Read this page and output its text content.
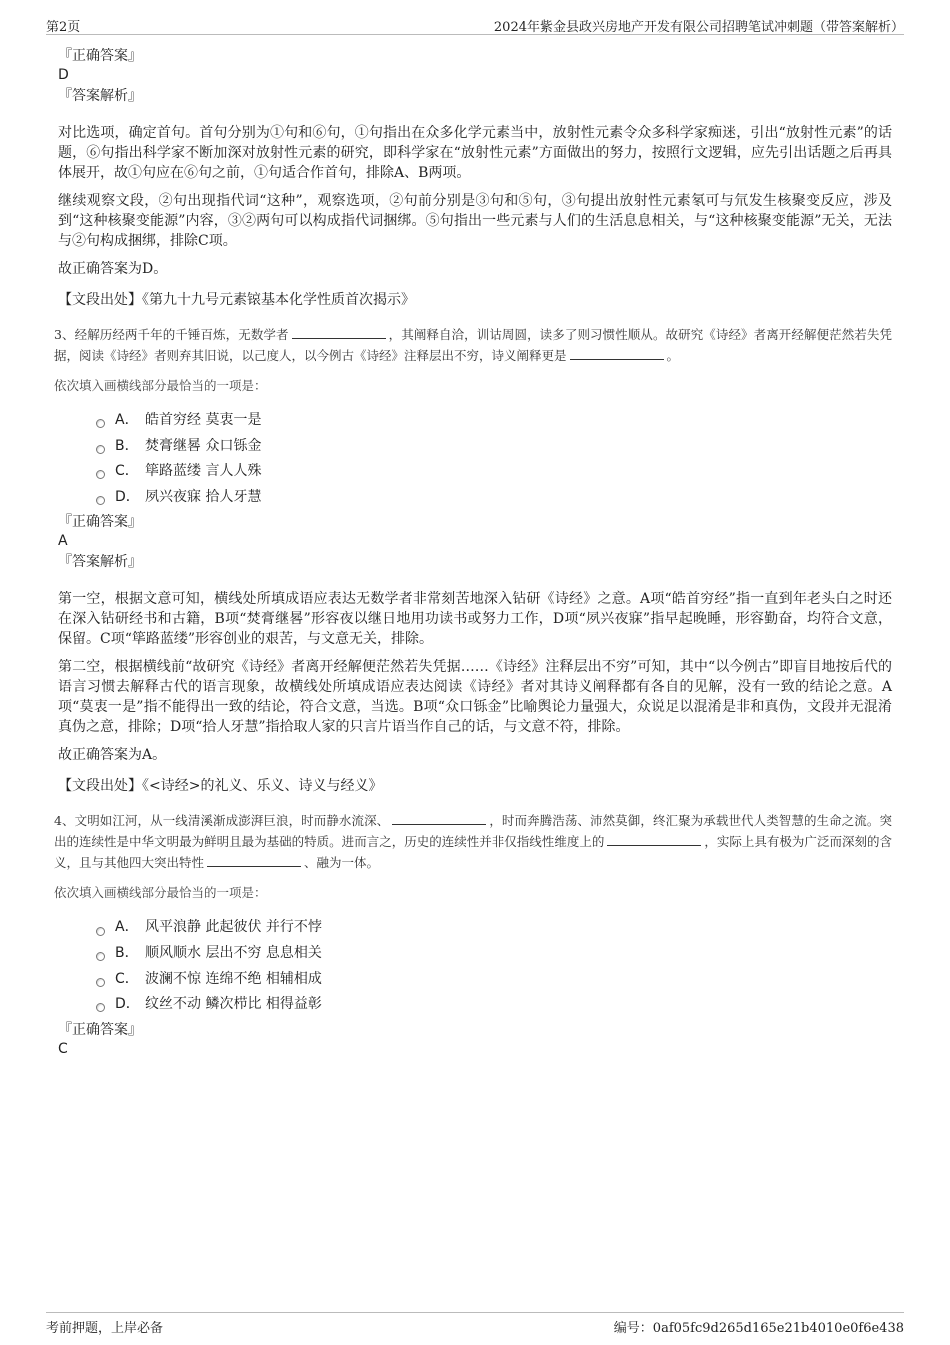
第2页	2024年紫金县政兴房地产开发有限公司招聘笔试冲刺题（带答案解析）
『正确答案』
D
『答案解析』

对比选项，确定首句。首句分别为①句和⑥句，①句指出在众多化学元素当中，放射性元素令众多科学家痴迷，引出“放射性元素”的话题，⑥句指出科学家不断加深对放射性元素的研究，即科学家在“放射性元素”方面做出的努力，按照行文逻辑，应先引出话题之后再具体展开，故①句应在⑥句之前，①句适合作首句，排除A、B两项。

继续观察文段，②句出现指代词“这种”，观察选项，②句前分别是③句和⑤句，③句提出放射性元素氡可与氘发生核聚变反应，涉及到“这种核聚变能源”内容，③②两句可以构成指代词捆绑。⑤句指出一些元素与人们的生活息息相关，与“这种核聚变能源”无关，无法与②句构成捆绑，排除C项。

故正确答案为D。

【文段出处】《第九十九号元素锿基本化学性质首次揭示》
3、经解历经两千年的千锤百炼，无数学者	，其阐释自洽，训诂周圆，读多了则习惯性顺从。故研究《诗经》者离开经解便茫然若失凭据，阅读《诗经》者则弃其旧说，以己度人，以今例古《诗经》注释层出不穷，诗义阐释更是	。
依次填入画横线部分最恰当的一项是：
A． 皓首穷经 莫衷一是
B． 焚膏继晷 众口铄金
C． 筚路蓝缕 言人人殊
D． 夙兴夜寐 拾人牙慧
『正确答案』
A
『答案解析』

第一空，根据文意可知，横线处所填成语应表达无数学者非常刻苦地深入钻研《诗经》之意。A项“皓首穷经”指一直到年老头白之时还在深入钻研经书和古籍，B项“焚膏继晷”形容夜以继日地用功读书或努力工作，D项“夙兴夜寐”指早起晚睡，形容勤奋，均符合文意，保留。C项“筚路蓝缕”形容创业的艰苦，与文意无关，排除。

第二空，根据横线前“故研究《诗经》者离开经解便茫然若失凭据……《诗经》注释层出不穷”可知，其中“以今例古”即盲目地按后代的语言习惯去解释古代的语言现象，故横线处所填成语应表达阅读《诗经》者对其诗义阐释都有各自的见解，没有一致的结论之意。A项“莫衷一是”指不能得出一致的结论，符合文意，当选。B项“众口铄金”比喻舆论力量强大，众说足以混淆是非和真伪，文段并无混淆真伪之意，排除；D项“拾人牙慧”指拾取人家的只言片语当作自己的话，与文意不符，排除。

故正确答案为A。

【文段出处】《<诗经>的礼义、乐义、诗义与经义》
4、文明如江河，从一线清溪渐成澎湃巨浪，时而静水流深、	，时而奔腾浩荡、沛然莫御，终汇聚为承载世代人类智慧的生命之流。突出的连续性是中华文明最为鲜明且最为基础的特质。进而言之，历史的连续性并非仅指线性维度上的	，实际上具有极为广泛而深刻的含义，且与其他四大突出特性	、融为一体。
依次填入画横线部分最恰当的一项是：
A． 风平浪静 此起彼伏 并行不悖
B． 顺风顺水 层出不穷 息息相关
C． 波澜不惊 连绵不绝 相辅相成
D． 纹丝不动 鳞次栉比 相得益彰
『正确答案』
C
考前押题，上岸必备	编号：0af05fc9d265d165e21b4010e0f6e438
